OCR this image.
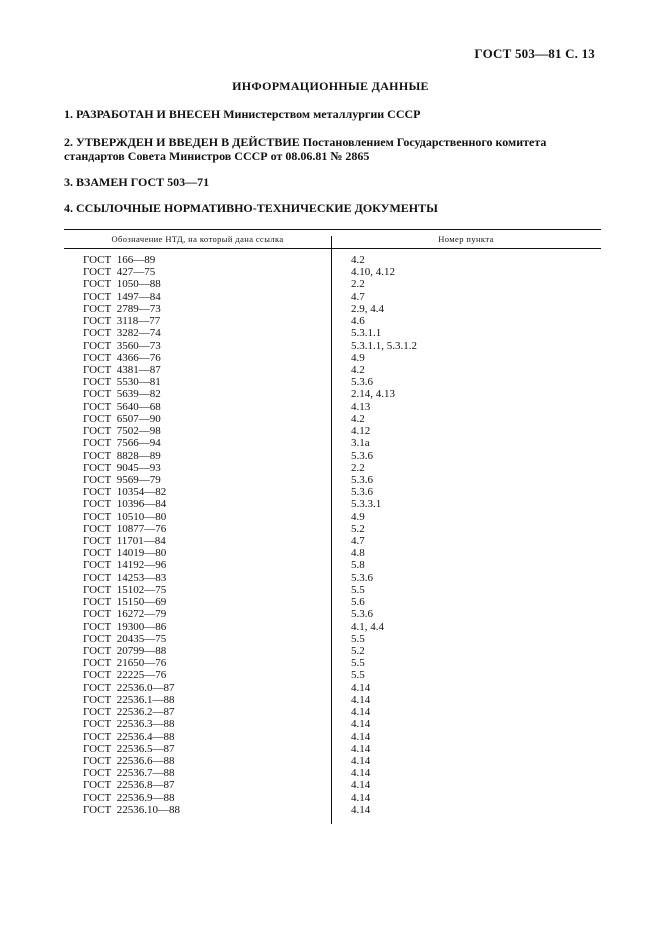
ГОСТ 503—81 С. 13
ИНФОРМАЦИОННЫЕ ДАННЫЕ
1. РАЗРАБОТАН И ВНЕСЕН Министерством металлургии СССР
2. УТВЕРЖДЕН И ВВЕДЕН В ДЕЙСТВИЕ Постановлением Государственного комитета стандартов Совета Министров СССР от 08.06.81 № 2865
3. ВЗАМЕН ГОСТ 503—71
4. ССЫЛОЧНЫЕ НОРМАТИВНО-ТЕХНИЧЕСКИЕ ДОКУМЕНТЫ
Обозначение НТД, на который дана ссылка	Номер пункта
ГОСТ  166—89	4.2
ГОСТ  427—75	4.10, 4.12
ГОСТ  1050—88	2.2
ГОСТ  1497—84	4.7
ГОСТ  2789—73	2.9, 4.4
ГОСТ  3118—77	4.6
ГОСТ  3282—74	5.3.1.1
ГОСТ  3560—73	5.3.1.1, 5.3.1.2
ГОСТ  4366—76	4.9
ГОСТ  4381—87	4.2
ГОСТ  5530—81	5.3.6
ГОСТ  5639—82	2.14, 4.13
ГОСТ  5640—68	4.13
ГОСТ  6507—90	4.2
ГОСТ  7502—98	4.12
ГОСТ  7566—94	3.1а
ГОСТ  8828—89	5.3.6
ГОСТ  9045—93	2.2
ГОСТ  9569—79	5.3.6
ГОСТ  10354—82	5.3.6
ГОСТ  10396—84	5.3.3.1
ГОСТ  10510—80	4.9
ГОСТ  10877—76	5.2
ГОСТ  11701—84	4.7
ГОСТ  14019—80	4.8
ГОСТ  14192—96	5.8
ГОСТ  14253—83	5.3.6
ГОСТ  15102—75	5.5
ГОСТ  15150—69	5.6
ГОСТ  16272—79	5.3.6
ГОСТ  19300—86	4.1, 4.4
ГОСТ  20435—75	5.5
ГОСТ  20799—88	5.2
ГОСТ  21650—76	5.5
ГОСТ  22225—76	5.5
ГОСТ  22536.0—87	4.14
ГОСТ  22536.1—88	4.14
ГОСТ  22536.2—87	4.14
ГОСТ  22536.3—88	4.14
ГОСТ  22536.4—88	4.14
ГОСТ  22536.5—87	4.14
ГОСТ  22536.6—88	4.14
ГОСТ  22536.7—88	4.14
ГОСТ  22536.8—87	4.14
ГОСТ  22536.9—88	4.14
ГОСТ  22536.10—88	4.14
